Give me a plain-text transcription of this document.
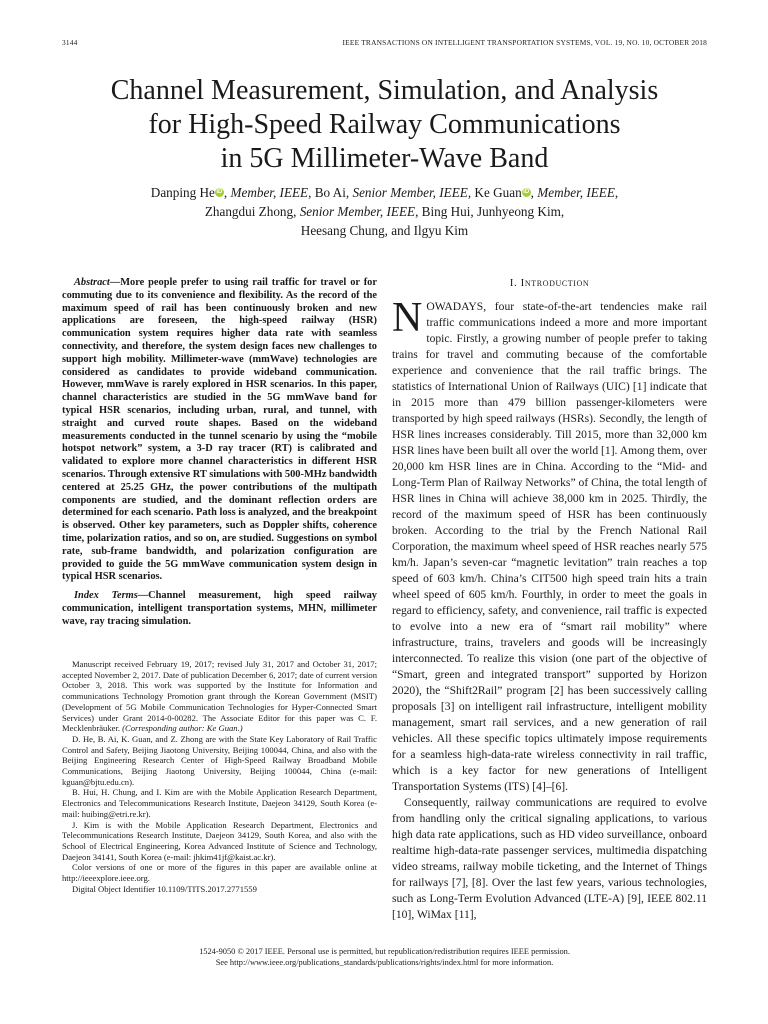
3144	IEEE TRANSACTIONS ON INTELLIGENT TRANSPORTATION SYSTEMS, VOL. 19, NO. 10, OCTOBER 2018
Channel Measurement, Simulation, and Analysis
for High-Speed Railway Communications
in 5G Millimeter-Wave Band
Danping He iD , Member, IEEE, Bo Ai, Senior Member, IEEE, Ke Guan iD , Member, IEEE,
Zhangdui Zhong, Senior Member, IEEE, Bing Hui, Junhyeong Kim,
Heesang Chung, and Ilgyu Kim

Abstract—More people prefer to using rail traffic for travel or for commuting due to its convenience and flexibility. As the record of the maximum speed of rail has been continuously broken and new applications are foreseen, the high-speed railway (HSR) communication system requires higher data rate with seamless connectivity, and therefore, the system design faces new challenges to support high mobility. Millimeter-wave (mmWave) technologies are considered as candidates to provide wideband communication. However, mmWave is rarely explored in HSR scenarios. In this paper, channel characteristics are studied in the 5G mmWave band for typical HSR scenarios, including urban, rural, and tunnel, with straight and curved route shapes. Based on the wideband measurements conducted in the tunnel scenario by using the “mobile hotspot network” system, a 3-D ray tracer (RT) is calibrated and validated to explore more channel characteristics in different HSR scenarios. Through extensive RT simulations with 500-MHz bandwidth centered at 25.25 GHz, the power contributions of the multipath components are studied, and the dominant reflection orders are determined for each scenario. Path loss is analyzed, and the breakpoint is observed. Other key parameters, such as Doppler shifts, coherence time, polarization ratios, and so on, are studied. Suggestions on symbol rate, sub-frame bandwidth, and polarization configuration are provided to guide the 5G mmWave communication system design in typical HSR scenarios.

Index Terms—Channel measurement, high speed railway communication, intelligent transportation systems, MHN, millimeter wave, ray tracing simulation.

Manuscript received February 19, 2017; revised July 31, 2017 and October 31, 2017; accepted November 2, 2017. Date of publication December 6, 2017; date of current version October 3, 2018. This work was supported by the Institute for Information and communications Technology Promotion grant through the Korean Government (MSIT) (Development of 5G Mobile Communication Technologies for Hyper-Connected Smart Services) under Grant 2014-0-00282. The Associate Editor for this paper was C. F. Mecklenbräuker. (Corresponding author: Ke Guan.)

D. He, B. Ai, K. Guan, and Z. Zhong are with the State Key Laboratory of Rail Traffic Control and Safety, Beijing Jiaotong University, Beijing 100044, China, and also with the Beijing Engineering Research Center of High-Speed Railway Broadband Mobile Communications, Beijing Jiaotong University, Beijing 100044, China (e-mail: kguan@bjtu.edu.cn).

B. Hui, H. Chung, and I. Kim are with the Mobile Application Research Department, Electronics and Telecommunications Research Institute, Daejeon 34129, South Korea (e-mail: huibing@etri.re.kr).

J. Kim is with the Mobile Application Research Department, Electronics and Telecommunications Research Institute, Daejeon 34129, South Korea, and also with the School of Electrical Engineering, Korea Advanced Institute of Science and Technology, Daejeon 34141, South Korea (e-mail: jhkim41jf@kaist.ac.kr).

Color versions of one or more of the figures in this paper are available online at http://ieeexplore.ieee.org.

Digital Object Identifier 10.1109/TITS.2017.2771559

I. Introduction

NOWADAYS, four state-of-the-art tendencies make rail traffic communications indeed a more and more important topic. Firstly, a growing number of people prefer to taking trains for travel and commuting because of the comfortable experience and convenience that the rail traffic brings. The statistics of International Union of Railways (UIC) [1] indicate that in 2015 more than 479 billion passenger-kilometers were transported by high speed railways (HSRs). Secondly, the length of HSR lines increases considerably. Till 2015, more than 32,000 km HSR lines have been built all over the world [1]. Among them, over 20,000 km HSR lines are in China. According to the “Mid- and Long-Term Plan of Railway Networks” of China, the total length of HSR lines in China will achieve 38,000 km in 2025. Thirdly, the record of the maximum speed of HSR has been continuously broken. According to the trial by the French National Rail Corporation, the maximum wheel speed of HSR reaches nearly 575 km/h. Japan’s seven-car “magnetic levitation” train reaches a top speed of 603 km/h. China’s CIT500 high speed train hits a train wheel speed of 605 km/h. Fourthly, in order to meet the goals in regard to efficiency, safety, and convenience, rail traffic is expected to evolve into a new era of “smart rail mobility” where infrastructure, trains, travelers and goods will be increasingly interconnected. To realize this vision (one part of the objective of “Smart, green and integrated transport” supported by Horizon 2020), the “Shift2Rail” program [2] has been successively calling proposals [3] on intelligent rail infrastructure, intelligent mobility management, smart rail services, and a new generation of rail vehicles. All these specific topics ultimately impose requirements for a seamless high-data-rate wireless connectivity in rail traffic, which is a key factor for new generations of Intelligent Transportation Systems (ITS) [4]–[6].

Consequently, railway communications are required to evolve from handling only the critical signaling applications, to various high data rate applications, such as HD video surveillance, onboard realtime high-data-rate passenger services, multimedia dispatching video streams, railway mobile ticketing, and the Internet of Things for railways [7], [8]. Over the last few years, various technologies, such as Long-Term Evolution Advanced (LTE-A) [9], IEEE 802.11 [10], WiMax [11],

1524-9050 © 2017 IEEE. Personal use is permitted, but republication/redistribution requires IEEE permission.
See http://www.ieee.org/publications_standards/publications/rights/index.html for more information.
